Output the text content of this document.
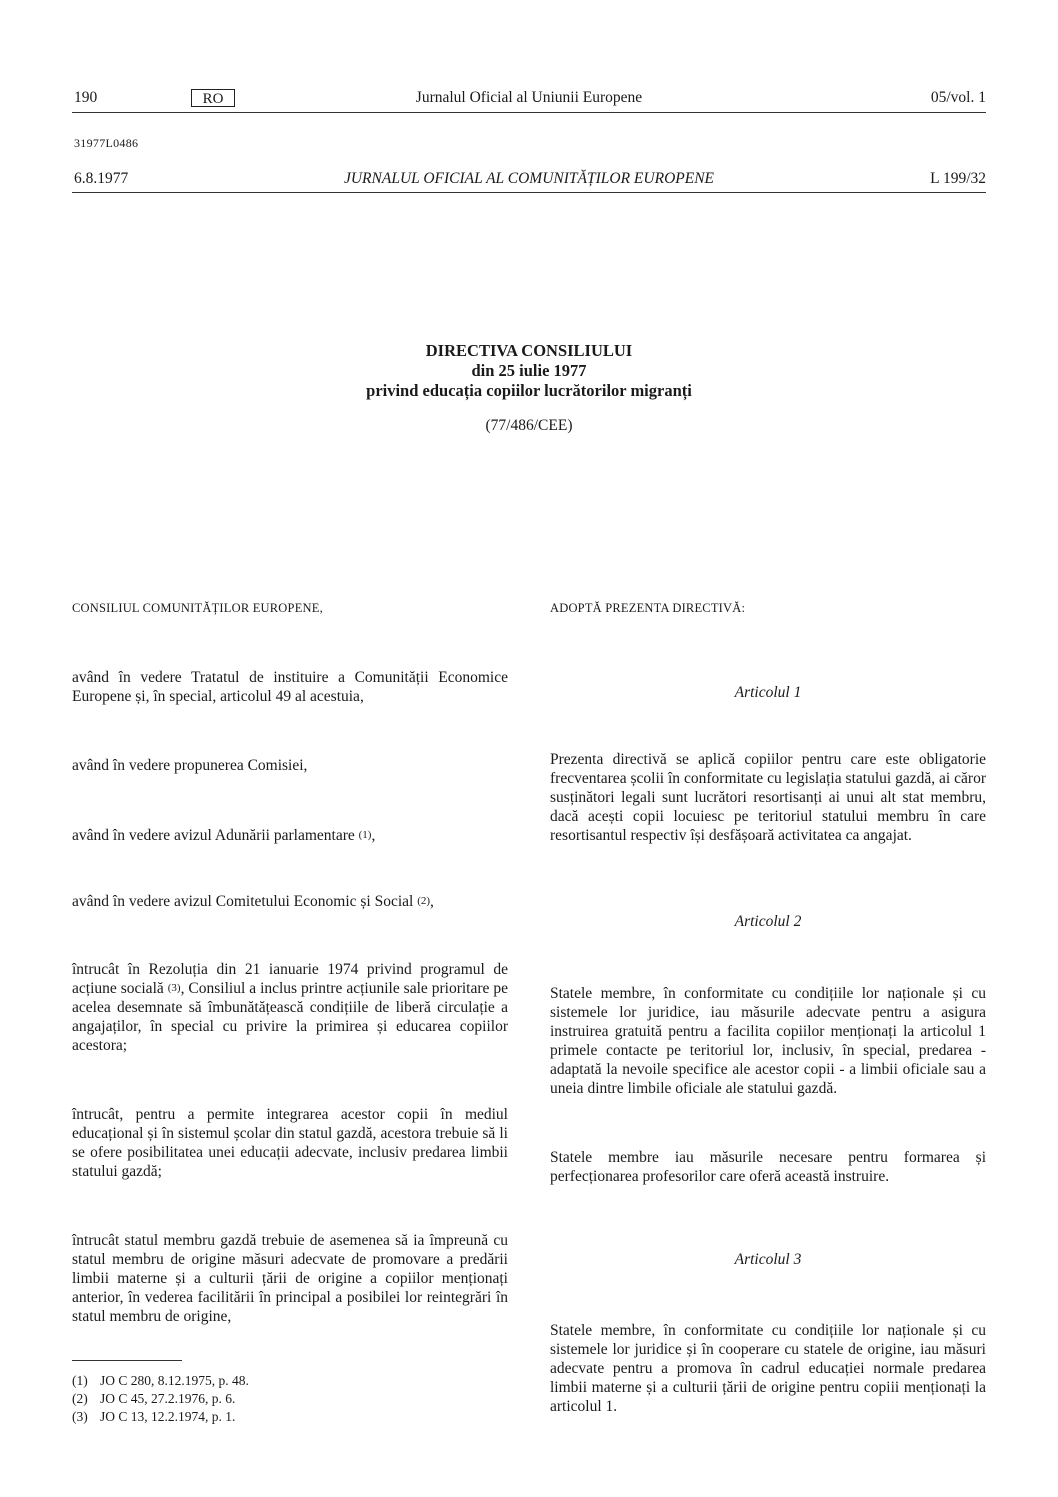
190	RO	Jurnalul Oficial al Uniunii Europene	05/vol. 1
31977L0486
6.8.1977	JURNALUL OFICIAL AL COMUNITĂȚILOR EUROPENE	L 199/32
DIRECTIVA CONSILIULUI
din 25 iulie 1977
privind educația copiilor lucrătorilor migranți
(77/486/CEE)
CONSILIUL COMUNITĂȚILOR EUROPENE,
având în vedere Tratatul de instituire a Comunității Economice Europene și, în special, articolul 49 al acestuia,
având în vedere propunerea Comisiei,
având în vedere avizul Adunării parlamentare (1),
având în vedere avizul Comitetului Economic și Social (2),
întrucât în Rezoluția din 21 ianuarie 1974 privind programul de acțiune socială (3), Consiliul a inclus printre acțiunile sale prioritare pe acelea desemnate să îmbunătățească condițiile de liberă circulație a angajaților, în special cu privire la primirea și educarea copiilor acestora;
întrucât, pentru a permite integrarea acestor copii în mediul educațional și în sistemul școlar din statul gazdă, acestora trebuie să li se ofere posibilitatea unei educații adecvate, inclusiv predarea limbii statului gazdă;
întrucât statul membru gazdă trebuie de asemenea să ia împreună cu statul membru de origine măsuri adecvate de promovare a predării limbii materne și a culturii țării de origine a copiilor menționați anterior, în vederea facilitării în principal a posibilei lor reintegrări în statul membru de origine,
(1) JO C 280, 8.12.1975, p. 48.
(2) JO C 45, 27.2.1976, p. 6.
(3) JO C 13, 12.2.1974, p. 1.
ADOPTĂ PREZENTA DIRECTIVĂ:
Articolul 1
Prezenta directivă se aplică copiilor pentru care este obligatorie frecventarea școlii în conformitate cu legislația statului gazdă, ai căror susținători legali sunt lucrători resortisanți ai unui alt stat membru, dacă acești copii locuiesc pe teritoriul statului membru în care resortisantul respectiv își desfășoară activitatea ca angajat.
Articolul 2
Statele membre, în conformitate cu condițiile lor naționale și cu sistemele lor juridice, iau măsurile adecvate pentru a asigura instruirea gratuită pentru a facilita copiilor menționați la articolul 1 primele contacte pe teritoriul lor, inclusiv, în special, predarea - adaptată la nevoile specifice ale acestor copii - a limbii oficiale sau a uneia dintre limbile oficiale ale statului gazdă.
Statele membre iau măsurile necesare pentru formarea și perfecționarea profesorilor care oferă această instruire.
Articolul 3
Statele membre, în conformitate cu condițiile lor naționale și cu sistemele lor juridice și în cooperare cu statele de origine, iau măsuri adecvate pentru a promova în cadrul educației normale predarea limbii materne și a culturii țării de origine pentru copiii menționați la articolul 1.
